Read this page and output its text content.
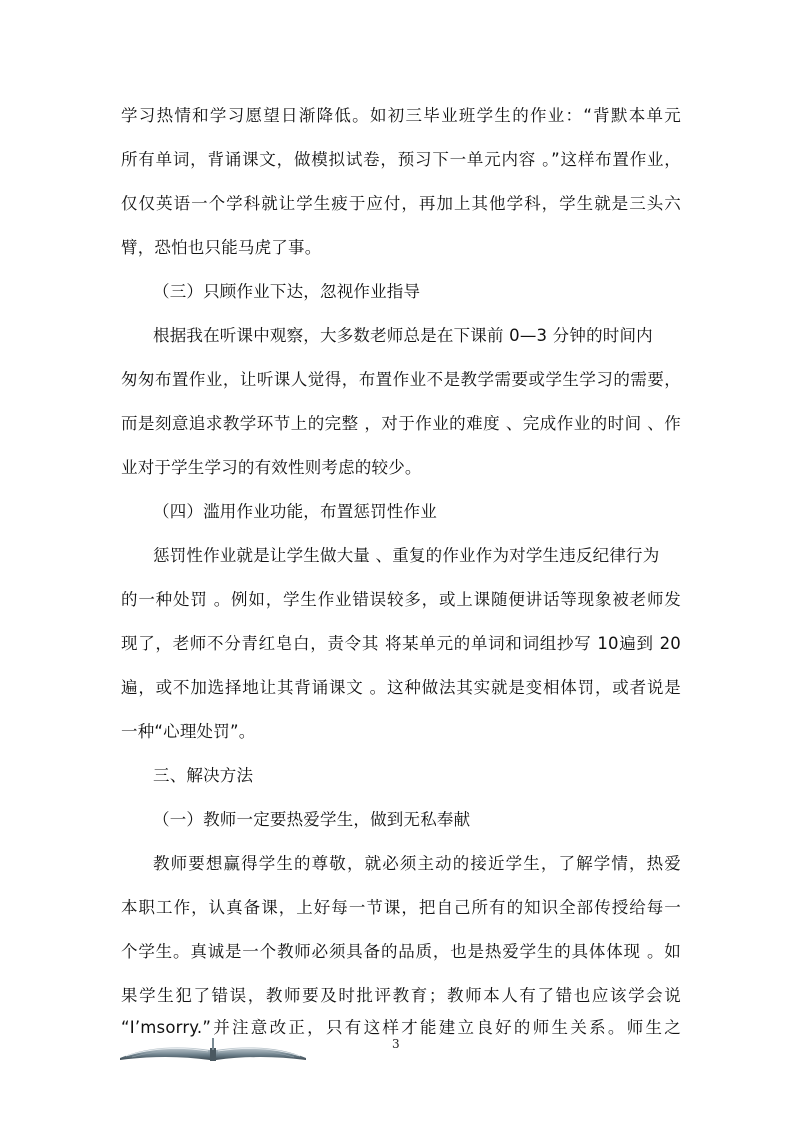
学习热情和学习愿望日渐降低。如初三毕业班学生的作业：“背默本单元
所有单词，背诵课文，做模拟试卷，预习下一单元内容 。”这样布置作业，
仅仅英语一个学科就让学生疲于应付，再加上其他学科，学生就是三头六
臂，恐怕也只能马虎了事。
（三）只顾作业下达，忽视作业指导
根据我在听课中观察，大多数老师总是在下课前 0—3 分钟的时间内
匆匆布置作业，让听课人觉得，布置作业不是教学需要或学生学习的需要，
而是刻意追求教学环节上的完整 ，对于作业的难度 、完成作业的时间 、作
业对于学生学习的有效性则考虑的较少。
（四）滥用作业功能，布置惩罚性作业
惩罚性作业就是让学生做大量 、重复的作业作为对学生违反纪律行为
的一种处罚 。例如，学生作业错误较多，或上课随便讲话等现象被老师发
现了，老师不分青红皂白，责令其 将某单元的单词和词组抄写 10遍到 20
遍，或不加选择地让其背诵课文 。这种做法其实就是变相体罚，或者说是
一种“心理处罚”。
三、解决方法
（一）教师一定要热爱学生，做到无私奉献
教师要想赢得学生的尊敬，就必须主动的接近学生，了解学情，热爱
本职工作，认真备课，上好每一节课，把自己所有的知识全部传授给每一
个学生。真诚是一个教师必须具备的品质，也是热爱学生的具体体现 。如
果学生犯了错误，教师要及时批评教育；教师本人有了错也应该学会说
“I’msorry.”并注意改正，只有这样才能建立良好的师生关系。师生之
3
